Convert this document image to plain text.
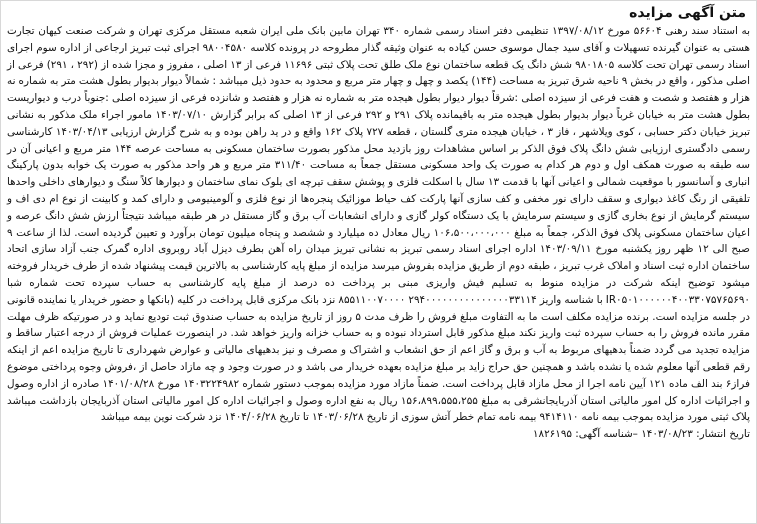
متن آگهی مزایده

به استناد سند رهنی ۵۶۶۰۴ مورخ ۱۳۹۷/۰۸/۱۲ تنظیمی دفتر اسناد رسمی شماره ۳۴۰ تهران مابین بانک ملی ایران شعبه مستقل مرکزی تهران و شرکت صنعت کیهان تجارت هستی به عنوان گیرنده تسهیلات و آقای سید جمال موسوی حسن کیاده به عنوان وثیقه گذار مطروحه در پرونده کلاسه ۹۸۰۰۴۵۸۰ اجرای ثبت تبریز ارجاعی از اداره سوم اجرای اسناد رسمی تهران تحت کلاسه ۹۸۰۱۸۰۵ شش دانگ یک قطعه ساختمان نوع ملک طلق تحت پلاک ثبتی ۱۱۶۹۶ فرعی از ۱۳ اصلی ، مفروز و مجزا شده از (۲۹۲ ، ۲۹۱) فرعی از اصلی مذکور ، واقع در بخش ۹ ناحیه شرق تبریز به مساحت (۱۴۴) یکصد و چهل و چهار متر مربع و محدود به حدود ذیل میباشد : شمالاً دیوار بدیوار بطول هشت متر به شماره نه هزار و هفتصد و شصت و هفت فرعی از سیزده اصلی :شرقاً دیوار دیوار بطول هیجده متر به شماره نه هزار و هفتصد و شانزده فرعی از سیزده اصلی :جنوباً درب و دیواریست بطول هشت متر به خیابان غرباً دیوار بدیوار بطول هیجده متر به باقیمانده پلاک ۲۹۱ و ۲۹۲ فرعی از ۱۳ اصلی که برابر گزارش ۱۴۰۳/۰۷/۱۰ مامور اجراء ملک مذکور به نشانی تبریز خیابان دکتر حسابی ، کوی ویلاشهر ، فاز ۳ ، خیابان هیجده متری گلستان ، قطعه ۷۲۷ پلاک ۱۶۲ واقع و در ید راهن بوده و به شرح گزارش ارزیابی ۱۴۰۳/۰۴/۱۳ کارشناسی رسمی دادگستری ارزیابی شش دانگ پلاک فوق الذکر بر اساس مشاهدات روز بازدید محل مذکور بصورت ساختمان مسکونی به مساحت عرصه ۱۴۴ متر مربع و اعیانی آن در سه طبقه به صورت همکف اول و دوم هر کدام به صورت یک واحد مسکونی مستقل جمعاً به مساحت ۳۱۱/۴۰ متر مربع و هر واحد مذکور به صورت یک خوابه بدون پارکینگ انباری و آسانسور با موقعیت شمالی و اعیانی آنها با قدمت ۱۳ سال با اسکلت فلزی و پوشش سقف تیرچه ای بلوک نمای ساختمان و دیوارها کلاً سنگ و دیوارهای داخلی واحدها تلفیقی از رنگ کاغذ دیواری و سقف دارای نور مخفی و کف سازی آنها پارکت کف حیاط موزائیک پنجره‌ها از نوع فلزی و آلومینیومی و دارای کمد و کابینت از نوع ام دی اف و سیستم گرمایش از نوع بخاری گازی و سیستم سرمایش با یک دستگاه کولر گازی و دارای انشعابات آب برق و گاز مستقل در هر طبقه میباشد نتیجتاً ارزش شش دانگ عرصه و اعیان ساختمان مسکونی پلاک فوق الذکر، جمعاً به مبلغ ۱۰۶،۵۰۰،۰۰۰،۰۰۰ ریال معادل ده میلیارد و ششصد و پنجاه میلیون تومان برآورد و تعیین گردیده است. لذا از ساعت ۹ صبح الی ۱۲ ظهر روز یکشنبه مورخ ۱۴۰۳/۰۹/۱۱ اداره اجرای اسناد رسمی تبریز به نشانی تبریز میدان راه آهن بطرف دیزل آباد روبروی اداره گمرک جنب آزاد سازی اتحاد ساختمان اداره ثبت اسناد و املاک غرب تبریز ، طبقه دوم از طریق مزایده بفروش میرسد مزایده از مبلغ پایه کارشناسی به بالاترین قیمت پیشنهاد شده از طرف خریدار فروخته میشود توضیح اینکه شرکت در مزایده منوط به تسلیم فیش واریزی مبنی بر پرداخت ده درصد از مبلغ پایه کارشناسی به حساب سپرده تحت شماره شبا IR۰۵۰۱۰۰۰۰۰۰۴۰۰۳۳۰۷۵۷۶۵۶۹۰ با شناسه واریز ۲۹۴۰۰۰۰۰۰۰۰۰۰۰۰۰۰۰۳۳۱۱۴ ۸۵۵۱۱۰۰۷۰۰۰۰ نزد بانک مرکزی قابل پرداخت در کلیه (بانکها و حضور خریدار یا نماینده قانونی در جلسه مزایده است. برنده مزایده مکلف است ما به التفاوت مبلغ فروش را ظرف مدت ۵ روز از تاریخ مزایده به حساب صندوق ثبت تودیع نماید و در صورتیکه ظرف مهلت مقرر مانده فروش را به حساب سپرده ثبت واریز نکند مبلغ مذکور قابل استرداد نبوده و به حساب خزانه واریز خواهد شد. در اینصورت عملیات فروش از درجه اعتبار ساقط و مزایده تجدید می گردد ضمناً بدهیهای مربوط به آب و برق و گاز اعم از حق انشعاب و اشتراک و مصرف و نیز بدهیهای مالیاتی و عوارض شهرداری تا تاریخ مزایده اعم از اینکه رقم قطعی آنها معلوم شده یا نشده باشد و همچنین حق حراج زاید بر مبلغ مزایده بعهده خریدار می باشد و در صورت وجود و چه مازاد حاصل از ،فروش وجوه پرداختی موضوع فراز۶ بند الف ماده ۱۲۱ آیین نامه اجرا از محل مازاد قابل پرداخت است. ضمناً مازاد مورد مزایده بموجب دستور شماره ۱۴۰۳۲۲۴۹۸۲ مورخ ۱۴۰۱/۰۸/۲۸ صادره از اداره وصول و اجرائیات اداره کل امور مالیاتی استان آذربایجانشرقی به مبلغ ۱۵۶،۸۹۹،۵۵۵،۲۵۵ ریال به نفع اداره وصول و اجرائیات اداره کل امور مالیاتی استان آذربایجان بازداشت میباشد پلاک ثبتی مورد مزایده بموجب بیمه نامه ۹۴۱۴۱۱۰ بیمه نامه تمام خطر آتش سوزی از تاریخ ۱۴۰۳/۰۶/۲۸ تا تاریخ ۱۴۰۴/۰۶/۲۸ نزد شرکت نوین بیمه میباشد

تاریخ انتشار: ۱۴۰۳/۰۸/۲۳ –شناسه آگهی: ۱۸۲۶۱۹۵
